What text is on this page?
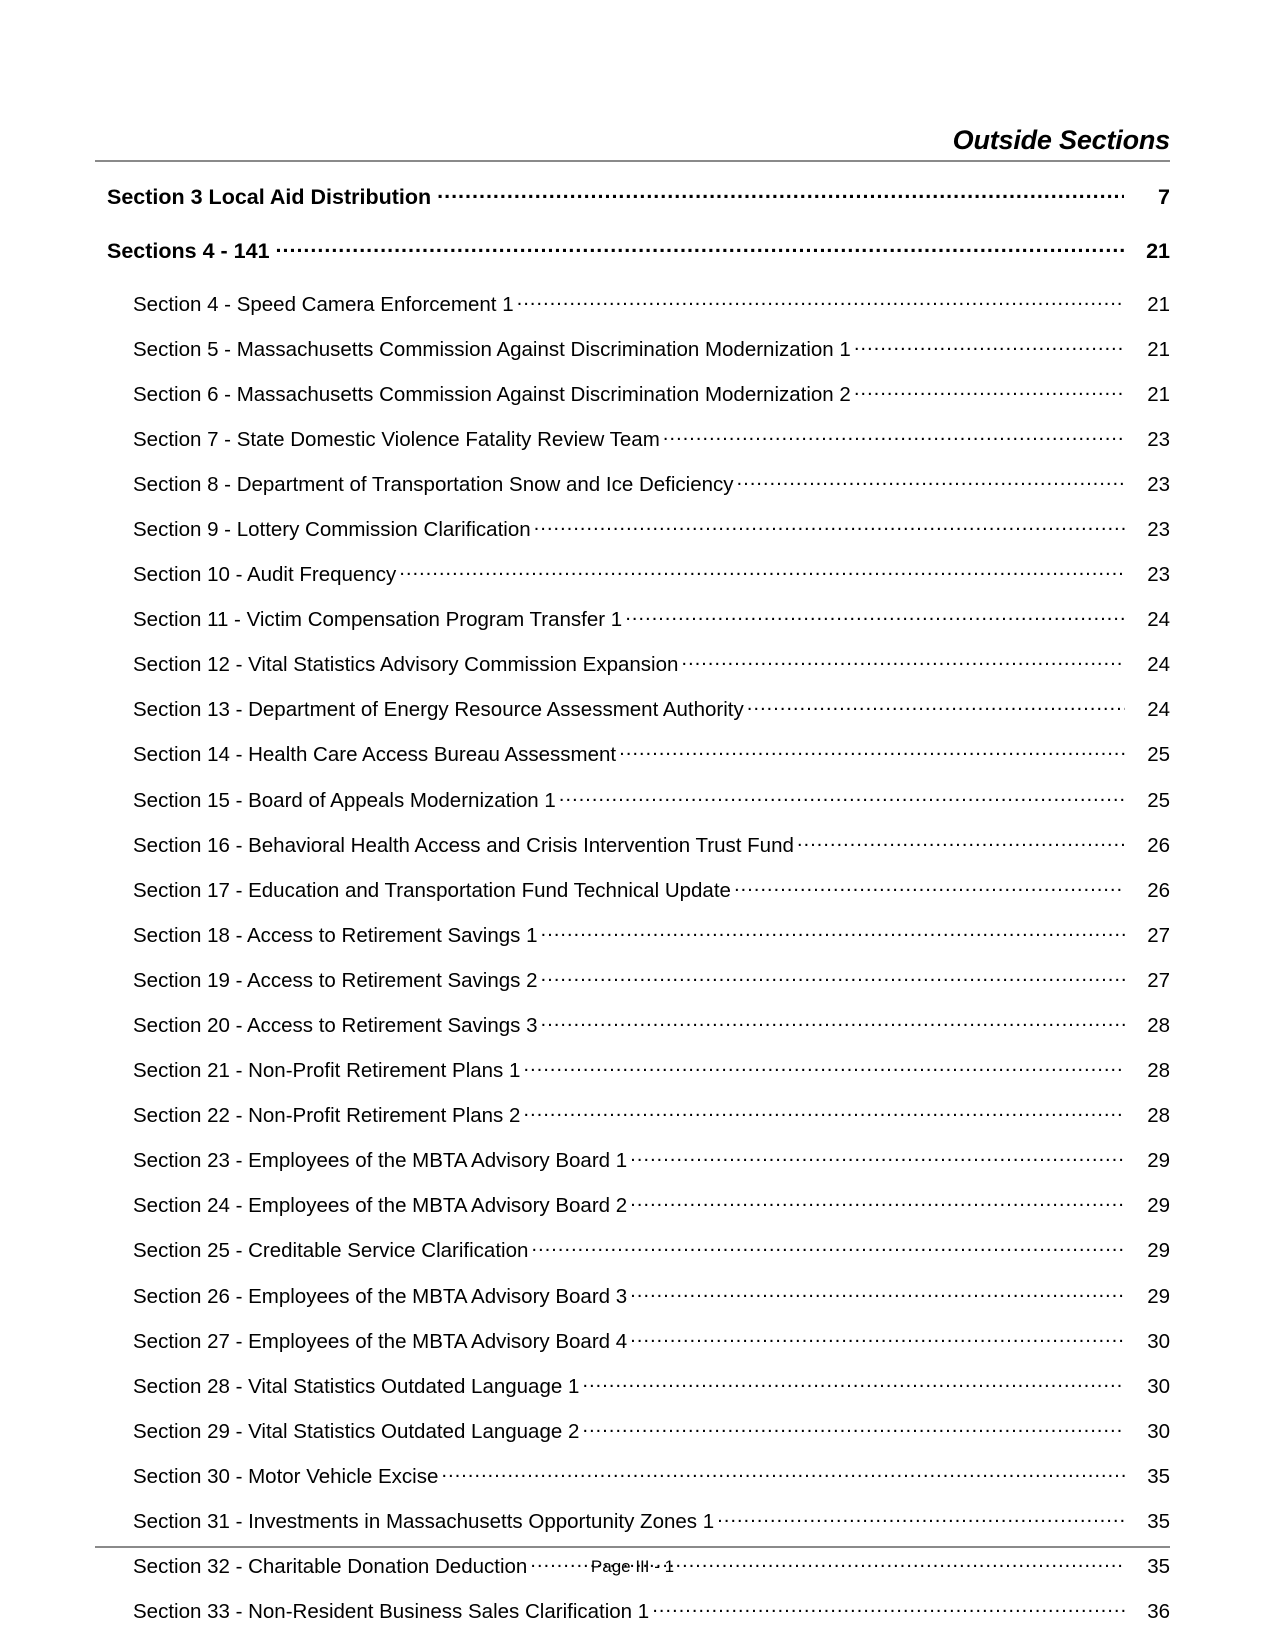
Outside Sections
Section 3 Local Aid Distribution .....	7
Sections 4 - 141 .....	21
Section 4 - Speed Camera Enforcement 1 .....	21
Section 5 - Massachusetts Commission Against Discrimination Modernization 1 .....	21
Section 6 - Massachusetts Commission Against Discrimination Modernization 2 .....	21
Section 7 - State Domestic Violence Fatality Review Team .....	23
Section 8 - Department of Transportation Snow and Ice Deficiency .....	23
Section 9 - Lottery Commission Clarification .....	23
Section 10 - Audit Frequency .....	23
Section 11 - Victim Compensation Program Transfer 1 .....	24
Section 12 - Vital Statistics Advisory Commission Expansion .....	24
Section 13 - Department of Energy Resource Assessment Authority .....	24
Section 14 - Health Care Access Bureau Assessment .....	25
Section 15 - Board of Appeals Modernization 1 .....	25
Section 16 - Behavioral Health Access and Crisis Intervention Trust Fund .....	26
Section 17 - Education and Transportation Fund Technical Update .....	26
Section 18 - Access to Retirement Savings 1 .....	27
Section 19 - Access to Retirement Savings 2 .....	27
Section 20 - Access to Retirement Savings 3 .....	28
Section 21 - Non-Profit Retirement Plans 1 .....	28
Section 22 - Non-Profit Retirement Plans 2 .....	28
Section 23 - Employees of the MBTA Advisory Board 1 .....	29
Section 24 - Employees of the MBTA Advisory Board 2 .....	29
Section 25 - Creditable Service Clarification .....	29
Section 26 - Employees of the MBTA Advisory Board 3 .....	29
Section 27 - Employees of the MBTA Advisory Board 4 .....	30
Section 28 - Vital Statistics Outdated Language 1 .....	30
Section 29 - Vital Statistics Outdated Language 2 .....	30
Section 30 - Motor Vehicle Excise .....	35
Section 31 - Investments in Massachusetts Opportunity Zones 1 .....	35
Section 32 - Charitable Donation Deduction .....	35
Section 33 - Non-Resident Business Sales Clarification 1 .....	36
Page III - 1
